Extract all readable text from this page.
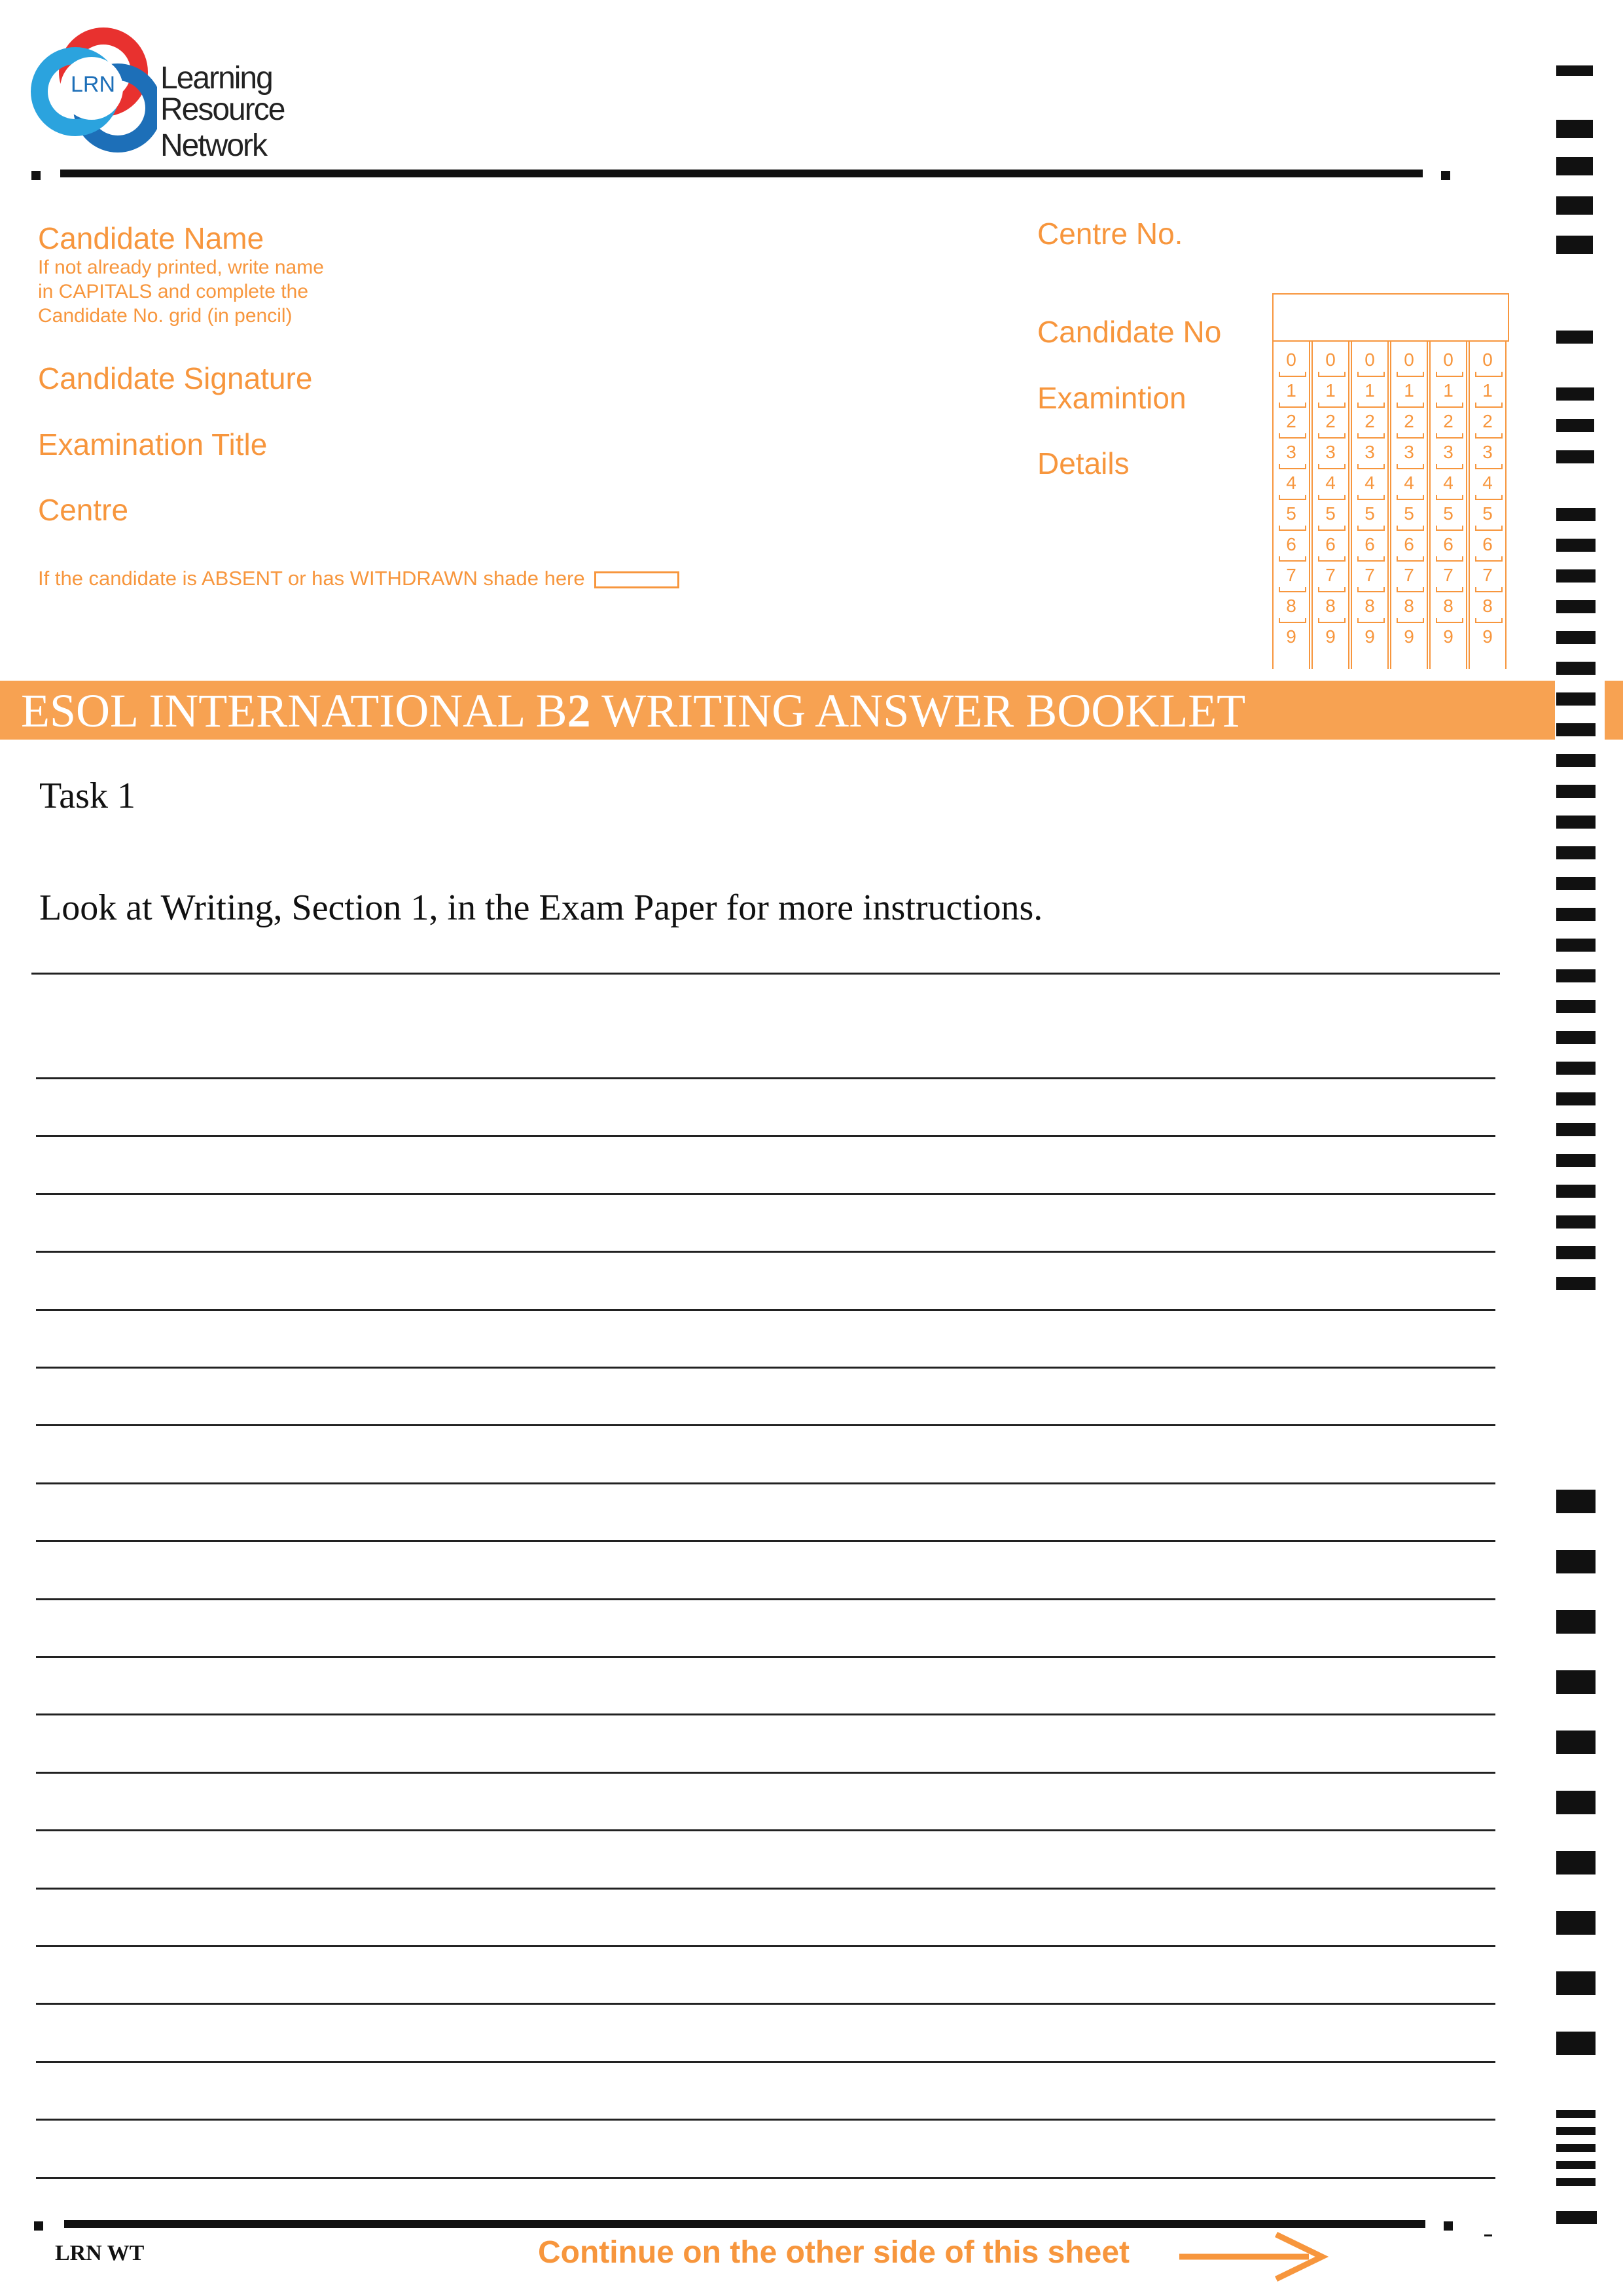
LRN Learning
Resource Network
Candidate Name
If not already printed, write name
in CAPITALS and complete the
Candidate No. grid (in pencil)
Candidate Signature
Examination Title
Centre
If the candidate is ABSENT or has WITHDRAWN shade here
Centre No.
Candidate No
Examintion
Details
0
1
2
3
4
5
6
7
8
9
0
1
2
3
4
5
6
7
8
9
0
1
2
3
4
5
6
7
8
9
0
1
2
3
4
5
6
7
8
9
0
1
2
3
4
5
6
7
8
9
0
1
2
3
4
5
6
7
8
9
ESOL INTERNATIONAL B2 WRITING ANSWER BOOKLET
Task 1
Look at Writing, Section 1, in the Exam Paper for more instructions.
LRN WT	Continue on the other side of this sheet
